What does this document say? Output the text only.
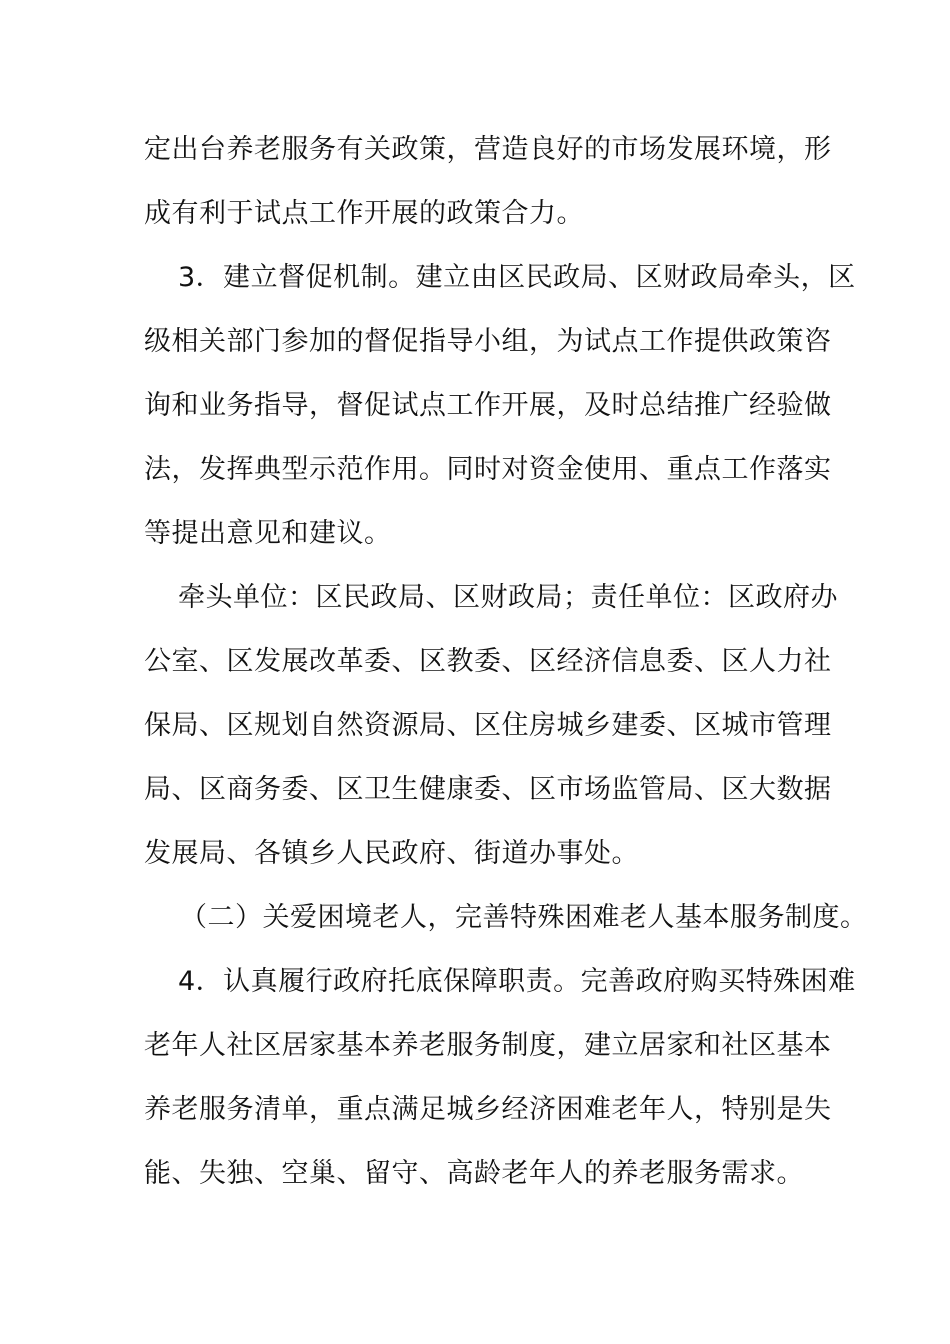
定出台养老服务有关政策，营造良好的市场发展环境，形
成有利于试点工作开展的政策合力。
3．建立督促机制。建立由区民政局、区财政局牵头，区
级相关部门参加的督促指导小组，为试点工作提供政策咨
询和业务指导，督促试点工作开展，及时总结推广经验做
法，发挥典型示范作用。同时对资金使用、重点工作落实
等提出意见和建议。
牵头单位：区民政局、区财政局；责任单位：区政府办
公室、区发展改革委、区教委、区经济信息委、区人力社
保局、区规划自然资源局、区住房城乡建委、区城市管理
局、区商务委、区卫生健康委、区市场监管局、区大数据
发展局、各镇乡人民政府、街道办事处。
（二）关爱困境老人，完善特殊困难老人基本服务制度。
4．认真履行政府托底保障职责。完善政府购买特殊困难
老年人社区居家基本养老服务制度，建立居家和社区基本
养老服务清单，重点满足城乡经济困难老年人，特别是失
能、失独、空巢、留守、高龄老年人的养老服务需求。
